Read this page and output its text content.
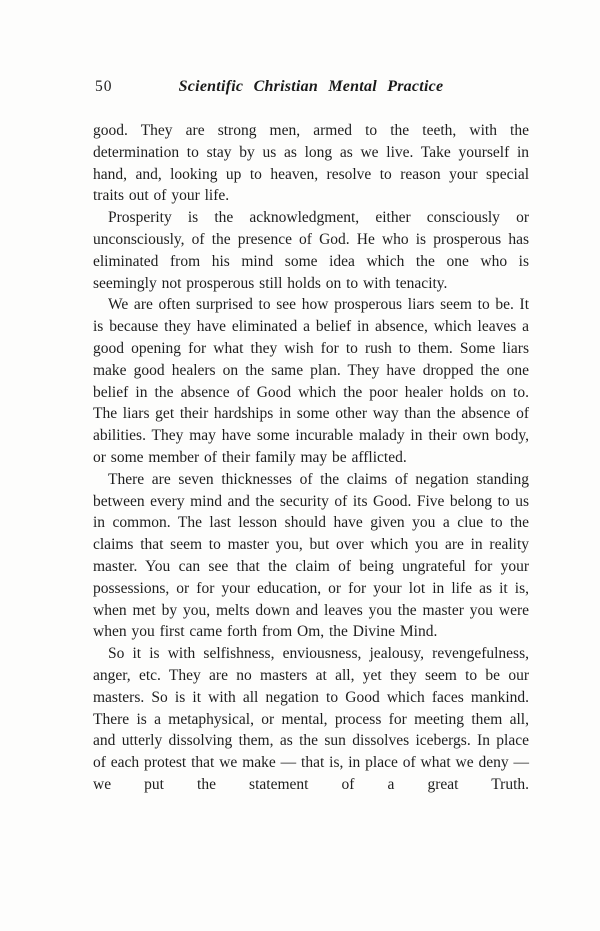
50	Scientific Christian Mental Practice

good. They are strong men, armed to the teeth, with the determination to stay by us as long as we live. Take yourself in hand, and, looking up to heaven, resolve to reason your special traits out of your life.

Prosperity is the acknowledgment, either consciously or unconsciously, of the presence of God. He who is prosperous has eliminated from his mind some idea which the one who is seemingly not prosperous still holds on to with tenacity.

We are often surprised to see how prosperous liars seem to be. It is because they have eliminated a belief in absence, which leaves a good opening for what they wish for to rush to them. Some liars make good healers on the same plan. They have dropped the one belief in the absence of Good which the poor healer holds on to. The liars get their hardships in some other way than the absence of abilities. They may have some incurable malady in their own body, or some member of their family may be afflicted.

There are seven thicknesses of the claims of negation standing between every mind and the security of its Good. Five belong to us in common. The last lesson should have given you a clue to the claims that seem to master you, but over which you are in reality master. You can see that the claim of being ungrateful for your possessions, or for your education, or for your lot in life as it is, when met by you, melts down and leaves you the master you were when you first came forth from Om, the Divine Mind.

So it is with selfishness, enviousness, jealousy, revengefulness, anger, etc. They are no masters at all, yet they seem to be our masters. So is it with all negation to Good which faces mankind. There is a metaphysical, or mental, process for meeting them all, and utterly dissolving them, as the sun dissolves icebergs. In place of each protest that we make — that is, in place of what we deny — we put the statement of a great Truth.
